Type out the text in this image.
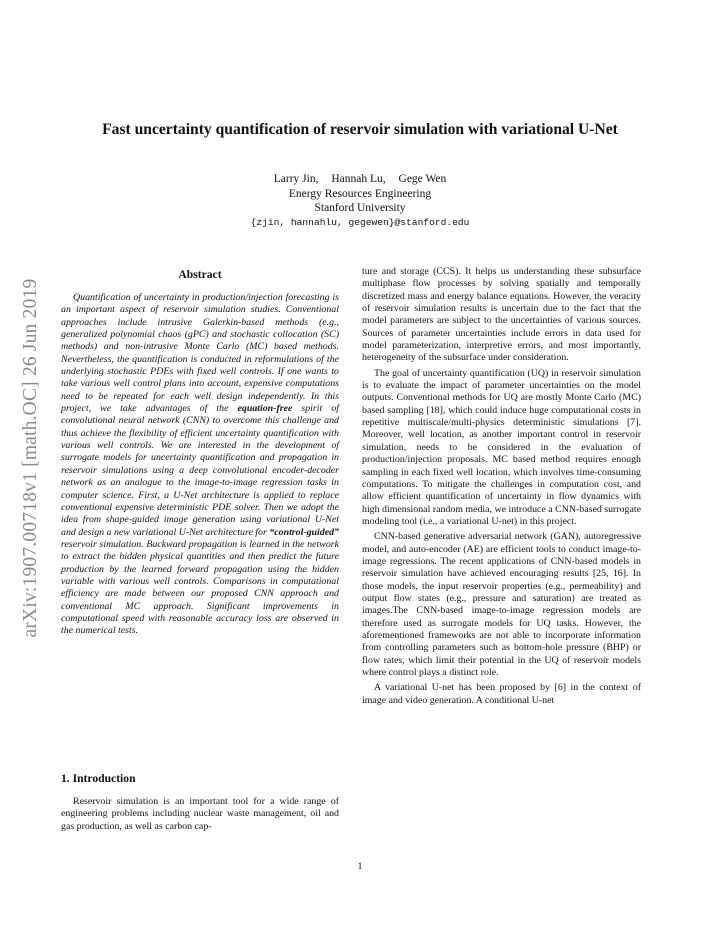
arXiv:1907.00718v1 [math.OC] 26 Jun 2019
Fast uncertainty quantification of reservoir simulation with variational U-Net
Larry Jin, Hannah Lu, Gege Wen
Energy Resources Engineering
Stanford University
{zjin, hannahlu, gegewen}@stanford.edu
Abstract

Quantification of uncertainty in production/injection forecasting is an important aspect of reservoir simulation studies. Conventional approaches include intrusive Galerkin-based methods (e.g., generalized polynomial chaos (gPC) and stochastic collocation (SC) methods) and non-intrusive Monte Carlo (MC) based methods. Nevertheless, the quantification is conducted in reformulations of the underlying stochastic PDEs with fixed well controls. If one wants to take various well control plans into account, expensive computations need to be repeated for each well design independently. In this project, we take advantages of the equation-free spirit of convolutional neural network (CNN) to overcome this challenge and thus achieve the flexibility of efficient uncertainty quantification with various well controls. We are interested in the development of surrogate models for uncertainty quantification and propagation in reservoir simulations using a deep convolutional encoder-decoder network as an analogue to the image-to-image regression tasks in computer science. First, a U-Net architecture is applied to replace conventional expensive deterministic PDE solver. Then we adopt the idea from shape-guided image generation using variational U-Net and design a new variational U-Net architecture for “control-guided” reservoir simulation. Backward propagation is learned in the network to extract the hidden physical quantities and then predict the future production by the learned forward propagation using the hidden variable with various well controls. Comparisons in computational efficiency are made between our proposed CNN approach and conventional MC approach. Significant improvements in computational speed with reasonable accuracy loss are observed in the numerical tests.

1. Introduction

Reservoir simulation is an important tool for a wide range of engineering problems including nuclear waste management, oil and gas production, as well as carbon cap-

ture and storage (CCS). It helps us understanding these subsurface multiphase flow processes by solving spatially and temporally discretized mass and energy balance equations. However, the veracity of reservoir simulation results is uncertain due to the fact that the model parameters are subject to the uncertainties of various sources. Sources of parameter uncertainties include errors in data used for model parameterization, interpretive errors, and most importantly, heterogeneity of the subsurface under consideration.

The goal of uncertainty quantification (UQ) in reservoir simulation is to evaluate the impact of parameter uncertainties on the model outputs. Conventional methods for UQ are mostly Monte Carlo (MC) based sampling [18], which could induce huge computational costs in repetitive multiscale/multi-physics deterministic simulations [7]. Moreover, well location, as another important control in reservoir simulation, needs to be considered in the evaluation of production/injection proposals. MC based method requires enough sampling in each fixed well location, which involves time-consuming computations. To mitigate the challenges in computation cost, and allow efficient quantification of uncertainty in flow dynamics with high dimensional random media, we introduce a CNN-based surrogate modeling tool (i.e., a variational U-net) in this project.

CNN-based generative adversarial network (GAN), autoregressive model, and auto-encoder (AE) are efficient tools to conduct image-to-image regressions. The recent applications of CNN-based models in reservoir simulation have achieved encouraging results [25, 16]. In those models, the input reservoir properties (e.g., permeability) and output flow states (e.g., pressure and saturation) are treated as images.The CNN-based image-to-image regression models are therefore used as surrogate models for UQ tasks. However, the aforementioned frameworks are not able to incorporate information from controlling parameters such as bottom-hole pressure (BHP) or flow rates, which limit their potential in the UQ of reservoir models where control plays a distinct role.

A variational U-net has been proposed by [6] in the context of image and video generation. A conditional U-net

1
